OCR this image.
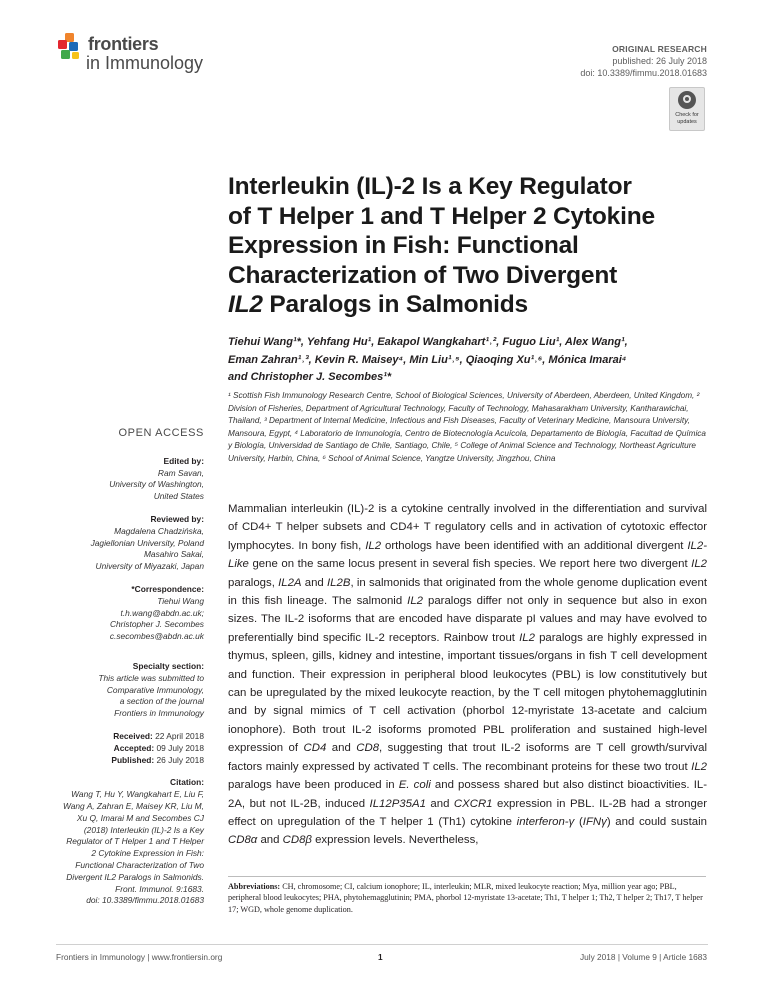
frontiers
in Immunology
ORIGINAL RESEARCH
published: 26 July 2018
doi: 10.3389/fimmu.2018.01683
Check for updates
Interleukin (IL)-2 Is a Key Regulator
of T Helper 1 and T Helper 2 Cytokine
Expression in Fish: Functional
Characterization of Two Divergent
IL2 Paralogs in Salmonids
Tiehui Wang¹*, Yehfang Hu¹, Eakapol Wangkahart¹˒², Fuguo Liu¹, Alex Wang¹,
Eman Zahran¹˒³, Kevin R. Maisey⁴, Min Liu¹˒⁵, Qiaoqing Xu¹˒⁶, Mónica Imarai⁴
and Christopher J. Secombes¹*
¹ Scottish Fish Immunology Research Centre, School of Biological Sciences, University of Aberdeen, Aberdeen, United Kingdom, ² Division of Fisheries, Department of Agricultural Technology, Faculty of Technology, Mahasarakham University, Kantharawichai, Thailand, ³ Department of Internal Medicine, Infectious and Fish Diseases, Faculty of Veterinary Medicine, Mansoura University, Mansoura, Egypt, ⁴ Laboratorio de Inmunología, Centro de Biotecnología Acuícola, Departamento de Biología, Facultad de Química y Biología, Universidad de Santiago de Chile, Santiago, Chile, ⁵ College of Animal Science and Technology, Northeast Agriculture University, Harbin, China, ⁶ School of Animal Science, Yangtze University, Jingzhou, China
OPEN ACCESS
Edited by:
Ram Savan,
University of Washington,
United States
Reviewed by:
Magdalena Chadzińska,
Jagiellonian University, Poland
Masahiro Sakai,
University of Miyazaki, Japan
*Correspondence:
Tiehui Wang
t.h.wang@abdn.ac.uk;
Christopher J. Secombes
c.secombes@abdn.ac.uk
Specialty section:
This article was submitted to
Comparative Immunology,
a section of the journal
Frontiers in Immunology
Received: 22 April 2018
Accepted: 09 July 2018
Published: 26 July 2018
Citation:
Wang T, Hu Y, Wangkahart E, Liu F,
Wang A, Zahran E, Maisey KR, Liu M,
Xu Q, Imarai M and Secombes CJ
(2018) Interleukin (IL)-2 Is a Key
Regulator of T Helper 1 and T Helper
2 Cytokine Expression in Fish:
Functional Characterization of Two
Divergent IL2 Paralogs in Salmonids.
Front. Immunol. 9:1683.
doi: 10.3389/fimmu.2018.01683
Mammalian interleukin (IL)-2 is a cytokine centrally involved in the differentiation and survival of CD4+ T helper subsets and CD4+ T regulatory cells and in activation of cytotoxic effector lymphocytes. In bony fish, IL2 orthologs have been identified with an additional divergent IL2-Like gene on the same locus present in several fish species. We report here two divergent IL2 paralogs, IL2A and IL2B, in salmonids that originated from the whole genome duplication event in this fish lineage. The salmonid IL2 paralogs differ not only in sequence but also in exon sizes. The IL-2 isoforms that are encoded have disparate pI values and may have evolved to preferentially bind specific IL-2 receptors. Rainbow trout IL2 paralogs are highly expressed in thymus, spleen, gills, kidney and intestine, important tissues/organs in fish T cell development and function. Their expression in peripheral blood leukocytes (PBL) is low constitutively but can be upregulated by the mixed leukocyte reaction, by the T cell mitogen phytohemagglutinin and by signal mimics of T cell activation (phorbol 12-myristate 13-acetate and calcium ionophore). Both trout IL-2 isoforms promoted PBL proliferation and sustained high-level expression of CD4 and CD8, suggesting that trout IL-2 isoforms are T cell growth/survival factors mainly expressed by activated T cells. The recombinant proteins for these two trout IL2 paralogs have been produced in E. coli and possess shared but also distinct bioactivities. IL-2A, but not IL-2B, induced IL12P35A1 and CXCR1 expression in PBL. IL-2B had a stronger effect on upregulation of the T helper 1 (Th1) cytokine interferon-γ (IFNγ) and could sustain CD8α and CD8β expression levels. Nevertheless,
Abbreviations: CH, chromosome; CI, calcium ionophore; IL, interleukin; MLR, mixed leukocyte reaction; Mya, million year ago; PBL, peripheral blood leukocytes; PHA, phytohemagglutinin; PMA, phorbol 12-myristate 13-acetate; Th1, T helper 1; Th2, T helper 2; Th17, T helper 17; WGD, whole genome duplication.
Frontiers in Immunology | www.frontiersin.org	1	July 2018 | Volume 9 | Article 1683
